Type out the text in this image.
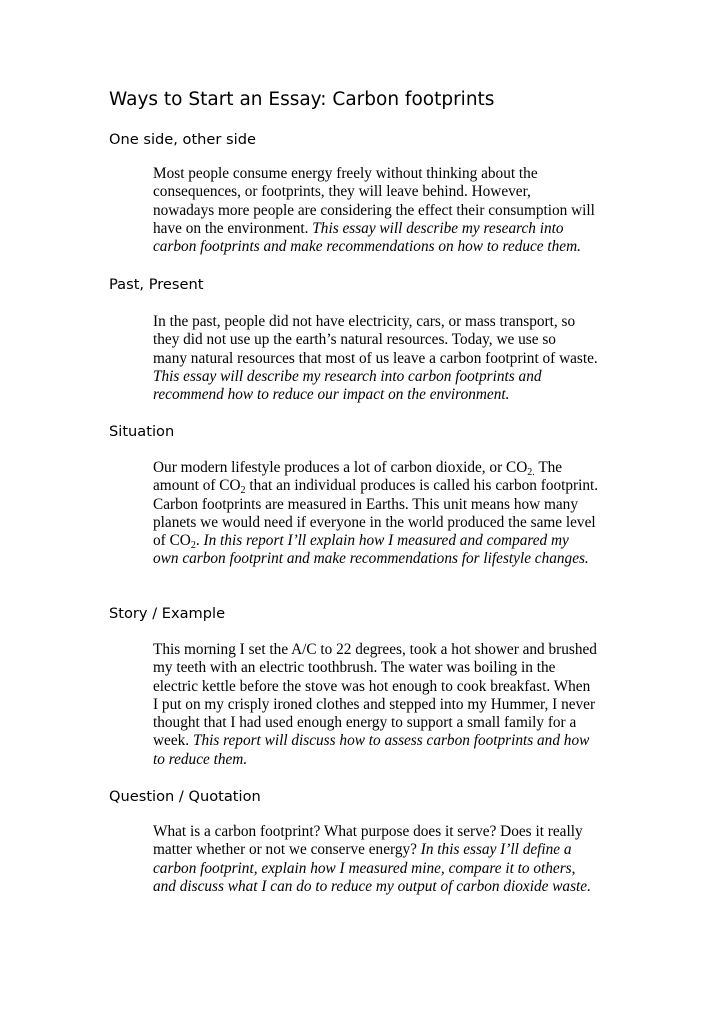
Ways to Start an Essay: Carbon footprints
One side, other side
Most people consume energy freely without thinking about the
consequences, or footprints, they will leave behind. However,
nowadays more people are considering the effect their consumption will
have on the environment. This essay will describe my research into
carbon footprints and make recommendations on how to reduce them.
Past, Present
In the past, people did not have electricity, cars, or mass transport, so
they did not use up the earth’s natural resources. Today, we use so
many natural resources that most of us leave a carbon footprint of waste.
This essay will describe my research into carbon footprints and
recommend how to reduce our impact on the environment.
Situation
Our modern lifestyle produces a lot of carbon dioxide, or $CO_{2.}$ The
amount of $CO_2$ that an individual produces is called his carbon footprint.
Carbon footprints are measured in Earths. This unit means how many
planets we would need if everyone in the world produced the same level
of $CO_2$. In this report I’ll explain how I measured and compared my
own carbon footprint and make recommendations for lifestyle changes.
Story / Example
This morning I set the A/C to 22 degrees, took a hot shower and brushed
my teeth with an electric toothbrush. The water was boiling in the
electric kettle before the stove was hot enough to cook breakfast. When
I put on my crisply ironed clothes and stepped into my Hummer, I never
thought that I had used enough energy to support a small family for a
week. This report will discuss how to assess carbon footprints and how
to reduce them.
Question / Quotation
What is a carbon footprint? What purpose does it serve? Does it really
matter whether or not we conserve energy? In this essay I’ll define a
carbon footprint, explain how I measured mine, compare it to others,
and discuss what I can do to reduce my output of carbon dioxide waste.
